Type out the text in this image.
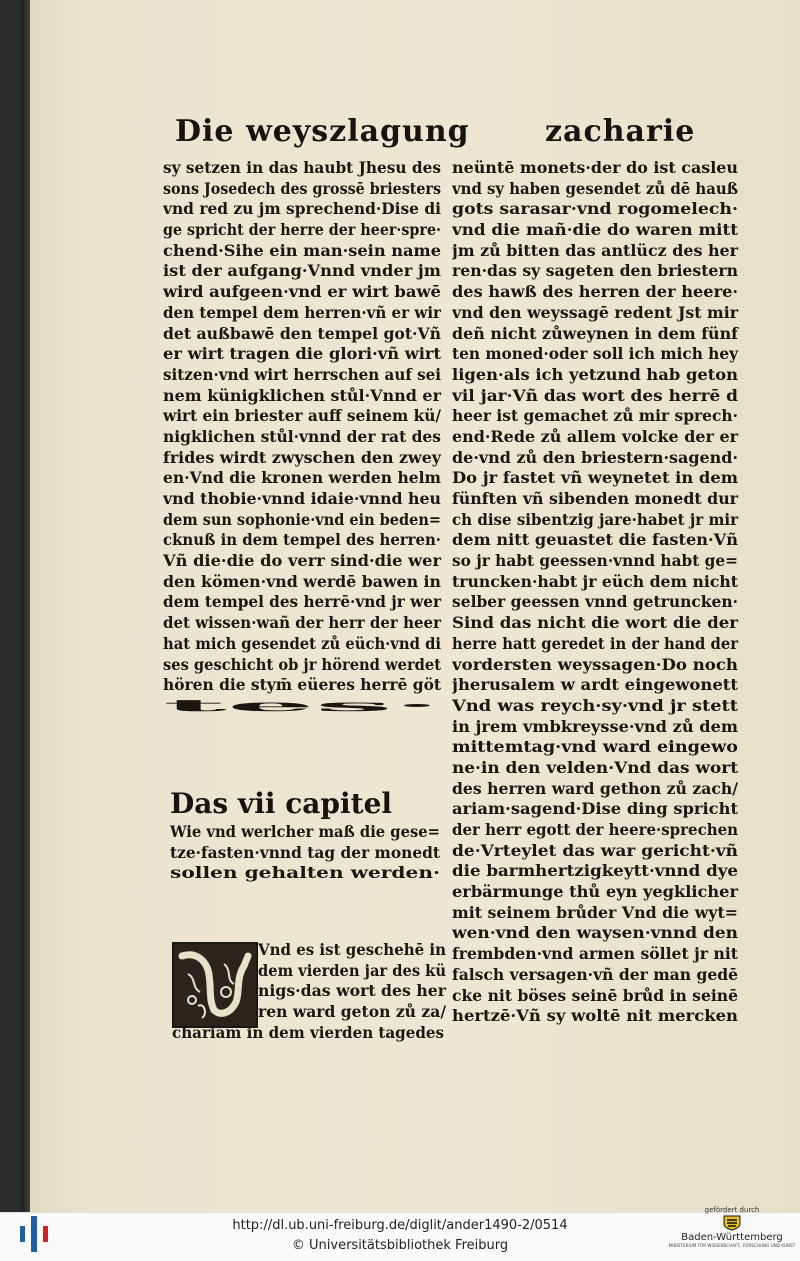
Die weyszlagung	zacharie
sy setzen in das haubt Jhesu des
sons Josedech des grossē briesters
vnd red zu jm sprechend·Dise di
ge spricht der herre der heer·spre·
chend·Sihe ein man·sein name
ist der aufgang·Vnnd vnder jm
wird aufgeen·vnd er wirt bawē
den tempel dem herren·vñ er wir
det außbawē den tempel got·Vñ
er wirt tragen die glori·vñ wirt
sitzen·vnd wirt herrschen auf sei
nem künigklichen stůl·Vnnd er
wirt ein briester auff seinem kü/
nigklichen stůl·vnnd der rat des
frides wirdt zwyschen den zwey
en·Vnd die kronen werden helm
vnd thobie·vnnd idaie·vnnd heu
dem sun sophonie·vnd ein beden=
cknuß in dem tempel des herren·
Vñ die·die do verr sind·die wer
den kömen·vnd werdē bawen in
dem tempel des herrē·vnd jr wer
det wissen·wañ der herr der heer
hat mich gesendet zů eüch·vnd di
ses geschicht ob jr hörend werdet
hören die stym̄ eüeres herrē göt
tes·
neüntē monets·der do ist casleu
vnd sy haben gesendet zů dē hauß
gots sarasar·vnd rogomelech·
vnd die mañ·die do waren mitt
jm zů bitten das antlücz des her
ren·das sy sageten den briestern
des hawß des herren der heere·
vnd den weyssagē redent Jst mir
deñ nicht zůweynen in dem fünf
ten moned·oder soll ich mich hey
ligen·als ich yetzund hab geton
vil jar·Vñ das wort des herrē d
heer ist gemachet zů mir sprech·
end·Rede zů allem volcke der er
de·vnd zů den briestern·sagend·
Do jr fastet vñ weynetet in dem
fünften vñ sibenden monedt dur
ch dise sibentzig jare·habet jr mir
dem nitt geuastet die fasten·Vñ
so jr habt geessen·vnnd habt ge=
truncken·habt jr eüch dem nicht
selber geessen vnnd getruncken·
Sind das nicht die wort die der
herre hatt geredet in der hand der
vordersten weyssagen·Do noch
jherusalem w ardt eingewonett
Vnd was reych·sy·vnd jr stett
in jrem vmbkreysse·vnd zů dem
mittemtag·vnd ward eingewo
ne·in den velden·Vnd das wort
des herren ward gethon zů zach/
ariam·sagend·Dise ding spricht
der herr egott der heere·sprechen
de·Vrteylet das war gericht·vñ
die barmhertzigkeytt·vnnd dye
erbärmunge thů eyn yegklicher
mit seinem brůder Vnd die wyt=
wen·vnd den waysen·vnnd den
frembden·vnd armen söllet jr nit
falsch versagen·vñ der man gedē
cke nit böses seinē brůd in seinē
hertzē·Vñ sy woltē nit mercken
Das vii capitel
Wie vnd werlcher maß die gese=
tze·fasten·vnnd tag der monedt
sollen gehalten werden·
Vnd es ist geschehē in
dem vierden jar des kü
nigs·das wort des her
ren ward geton zů za/
chariam in dem vierden tagedes
http://dl.ub.uni-freiburg.de/diglit/ander1490-2/0514
© Universitätsbibliothek Freiburg
gefördert durch
Baden-Württemberg
MINISTERIUM FÜR WISSENSCHAFT, FORSCHUNG UND KUNST
